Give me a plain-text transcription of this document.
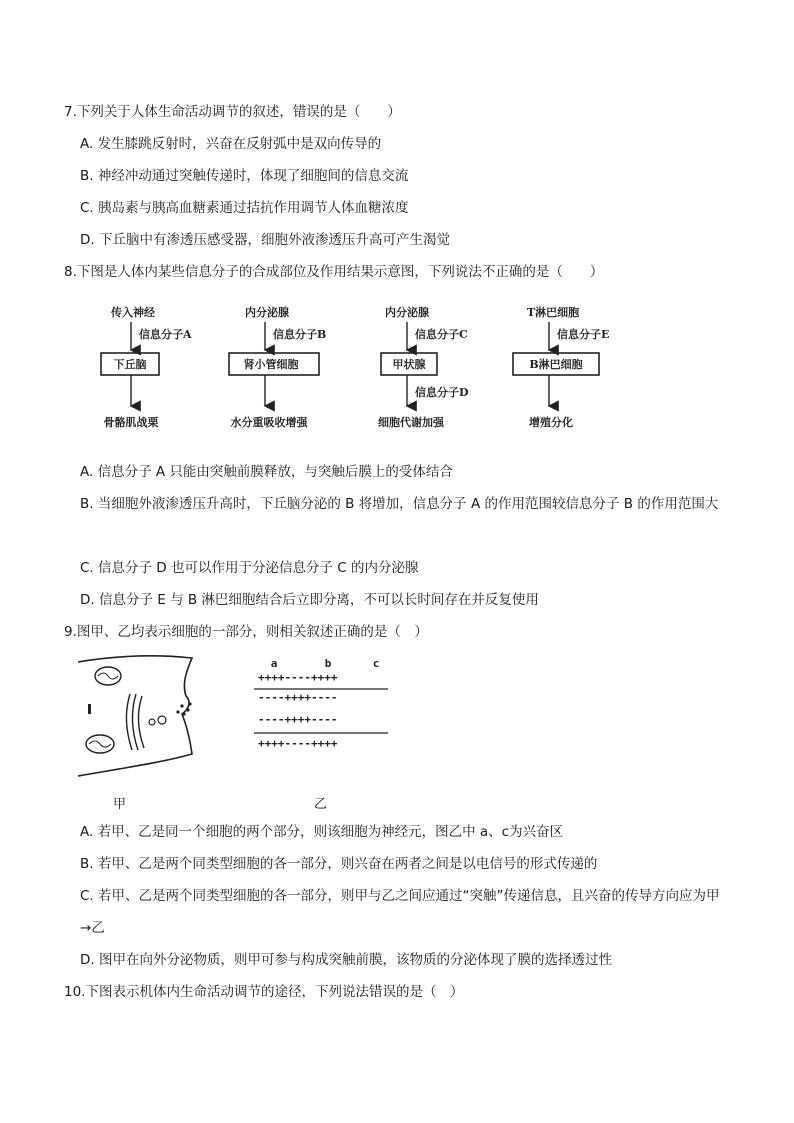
7.下列关于人体生命活动调节的叙述，错误的是（　　）
A. 发生膝跳反射时，兴奋在反射弧中是双向传导的
B. 神经冲动通过突触传递时，体现了细胞间的信息交流
C. 胰岛素与胰高血糖素通过拮抗作用调节人体血糖浓度
D. 下丘脑中有渗透压感受器，细胞外液渗透压升高可产生渴觉
8.下图是人体内某些信息分子的合成部位及作用结果示意图，下列说法不正确的是（　　）
传入神经
信息分子A
下丘脑
骨骼肌战栗
内分泌腺
信息分子B
肾小管细胞
水分重吸收增强
内分泌腺
信息分子C
甲状腺
信息分子D
细胞代谢加强
T淋巴细胞
信息分子E
B淋巴细胞
增殖分化
A. 信息分子 A 只能由突触前膜释放，与突触后膜上的受体结合
B. 当细胞外液渗透压升高时，下丘脑分泌的 B 将增加，信息分子 A 的作用范围较信息分子 B 的作用范围大
C. 信息分子 D 也可以作用于分泌信息分子 C 的内分泌腺
D. 信息分子 E 与 B 淋巴细胞结合后立即分离，不可以长时间存在并反复使用
9.图甲、乙均表示细胞的一部分，则相关叙述正确的是（　）
a	b	c
++++----++++
----++++----
----++++----
++++----++++
甲	乙
A. 若甲、乙是同一个细胞的两个部分，则该细胞为神经元，图乙中 a、c为兴奋区
B. 若甲、乙是两个同类型细胞的各一部分，则兴奋在两者之间是以电信号的形式传递的
C. 若甲、乙是两个同类型细胞的各一部分，则甲与乙之间应通过“突触”传递信息，且兴奋的传导方向应为甲→乙
D. 图甲在向外分泌物质，则甲可参与构成突触前膜，该物质的分泌体现了膜的选择透过性
10.下图表示机体内生命活动调节的途径，下列说法错误的是（　）
